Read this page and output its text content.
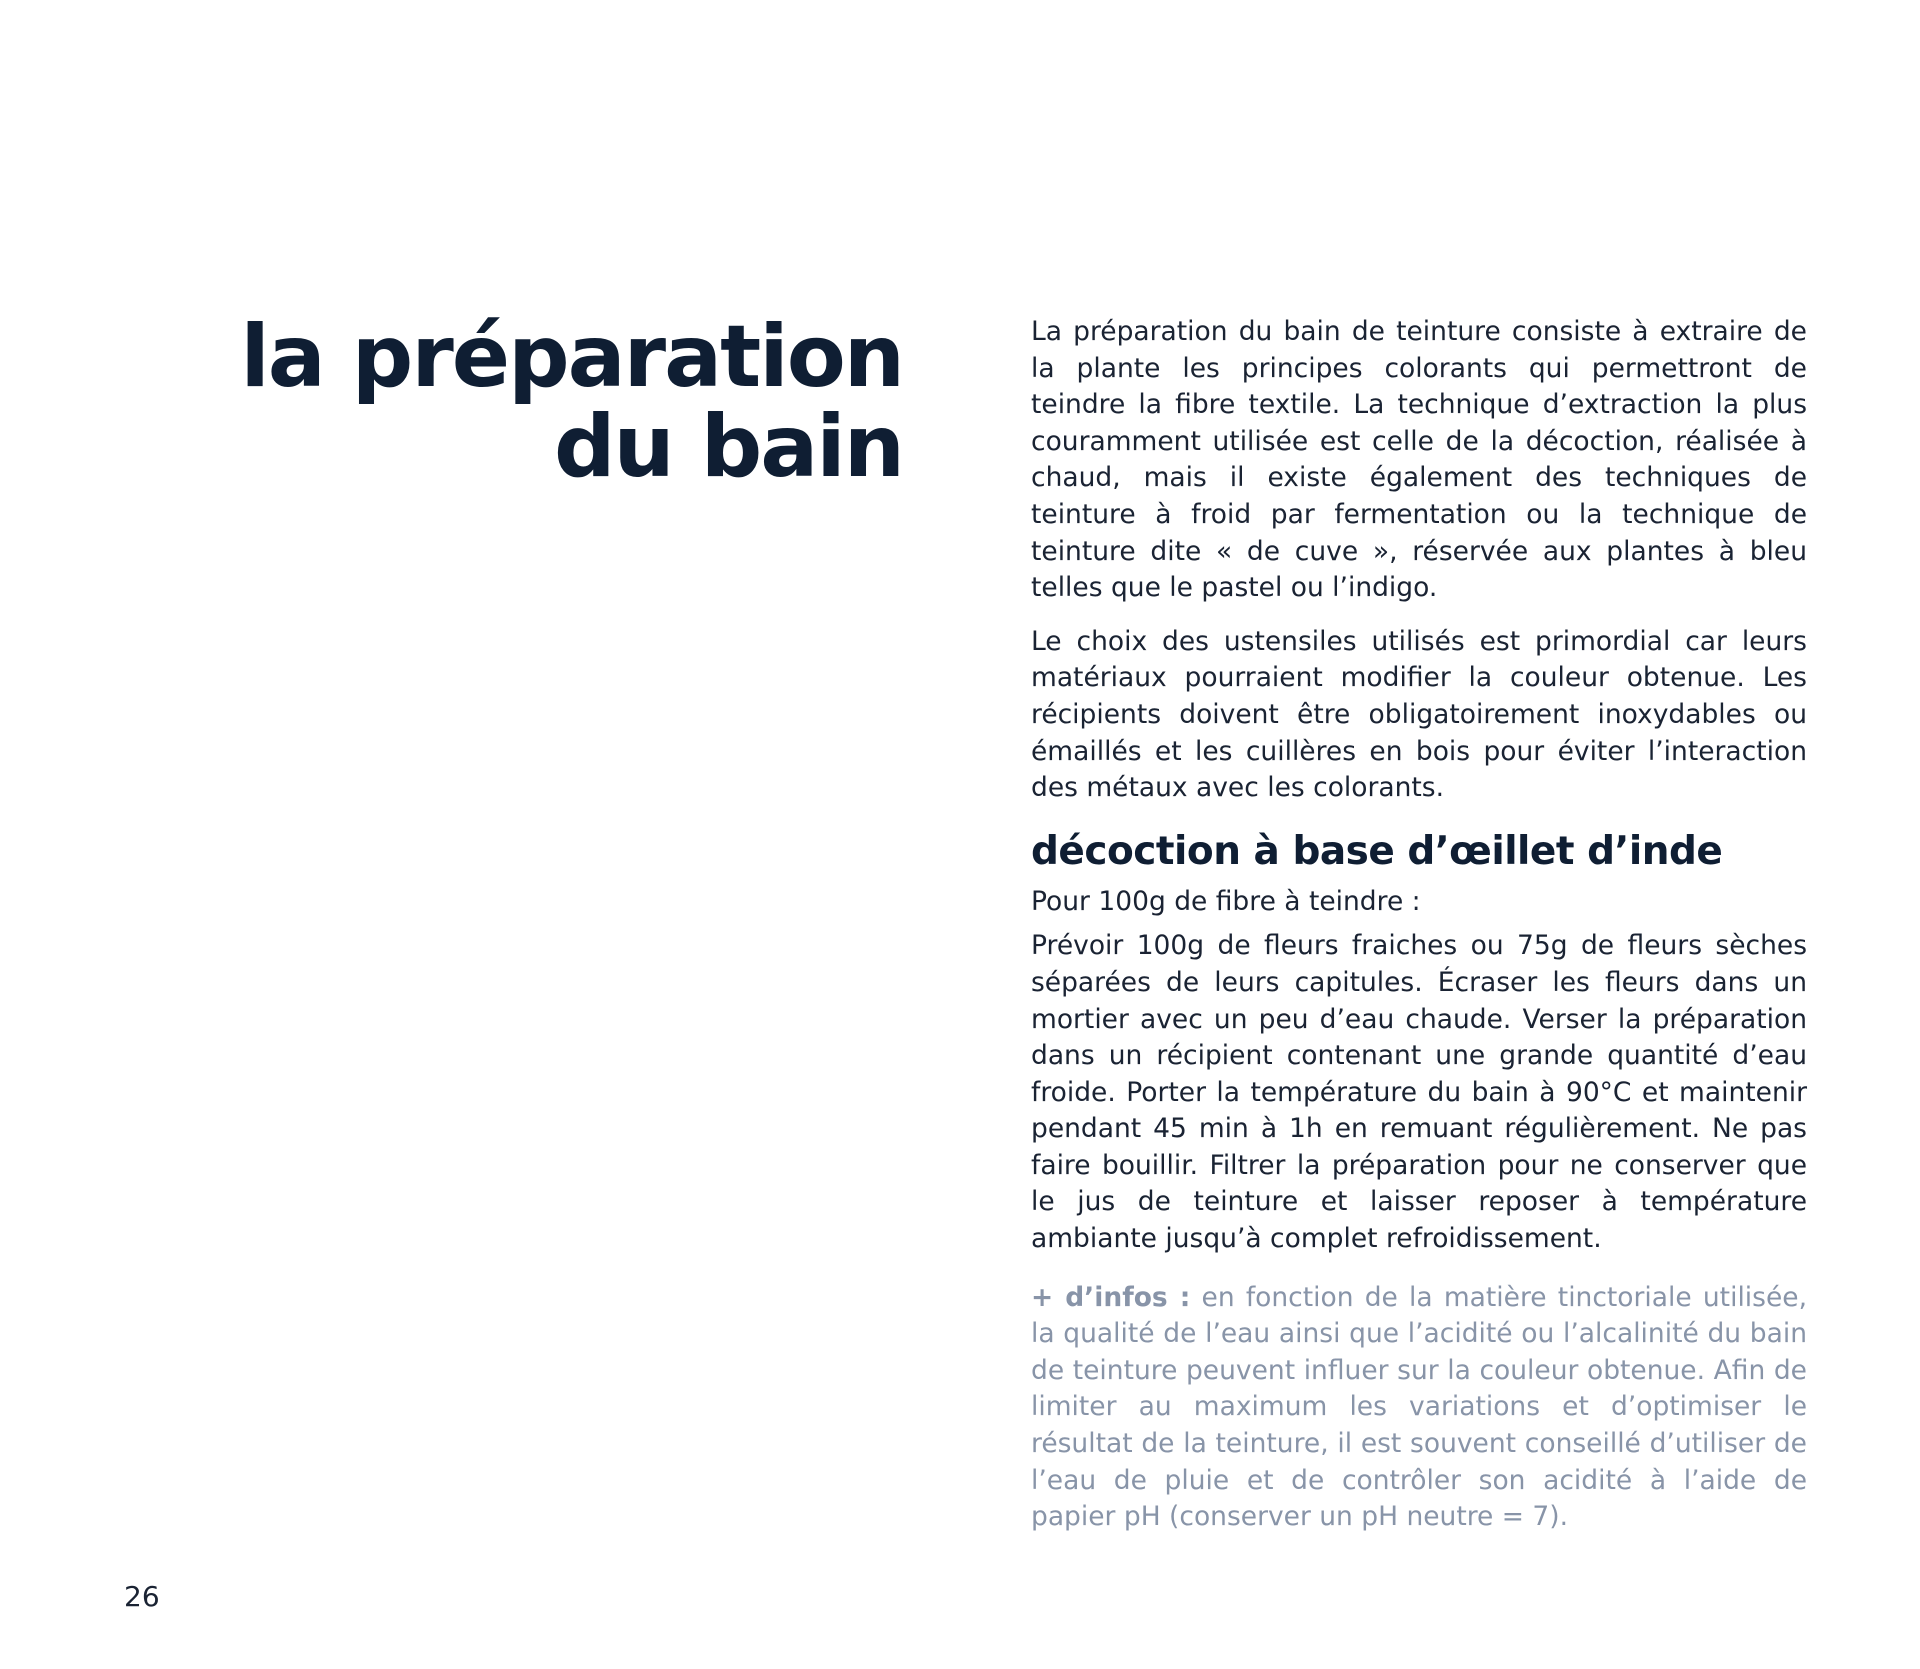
la préparation
du bain

La préparation du bain de teinture consiste à extraire de la plante les principes colorants qui permettront de teindre la fibre textile. La technique d’extraction la plus couramment utilisée est celle de la décoction, réalisée à chaud, mais il existe également des techniques de teinture à froid par fermentation ou la technique de teinture dite « de cuve », réservée aux plantes à bleu telles que le pastel ou l’indigo.

Le choix des ustensiles utilisés est primordial car leurs matériaux pourraient modifier la couleur obtenue. Les récipients doivent être obligatoirement inoxydables ou émaillés et les cuillères en bois pour éviter l’interaction des métaux avec les colorants.

décoction à base d’œillet d’inde

Pour 100g de fibre à teindre :

Prévoir 100g de fleurs fraiches ou 75g de fleurs sèches séparées de leurs capitules. Écraser les fleurs dans un mortier avec un peu d’eau chaude. Verser la préparation dans un récipient contenant une grande quantité d’eau froide. Porter la température du bain à 90°C et maintenir pendant 45 min à 1h en remuant régulièrement. Ne pas faire bouillir. Filtrer la préparation pour ne conserver que le jus de teinture et laisser reposer à température ambiante jusqu’à complet refroidissement.

+ d’infos : en fonction de la matière tinctoriale utilisée, la qualité de l’eau ainsi que l’acidité ou l’alcalinité du bain de teinture peuvent influer sur la couleur obtenue. Afin de limiter au maximum les variations et d’optimiser le résultat de la teinture, il est souvent conseillé d’utiliser de l’eau de pluie et de contrôler son acidité à l’aide de papier pH (conserver un pH neutre = 7).

26
